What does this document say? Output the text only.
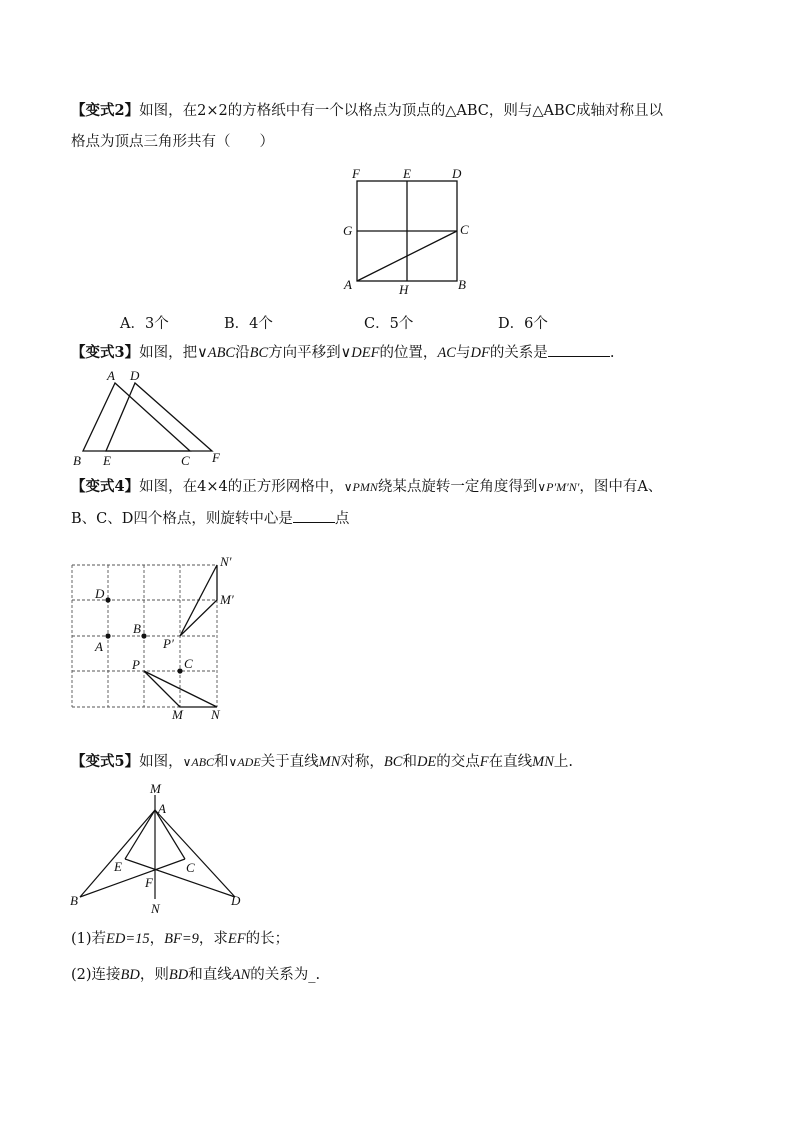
【变式2】如图，在2×2的方格纸中有一个以格点为顶点的△ABC，则与△ABC成轴对称且以
格点为顶点三角形共有（　　）
F	E	D
G	C
A	H	B
A．3个	B．4个	C．5个	D．6个
【变式3】如图，把∨ABC沿BC方向平移到∨DEF的位置，AC与DF的关系是	.
A D
B E	C F
【变式4】如图，在4×4的正方形网格中，∨PMN绕某点旋转一定角度得到∨P′M′N′，图中有A、
B、C、D四个格点，则旋转中心是	点
N′
M′
P′
D
B
A
P	C
M N
【变式5】如图，∨ABC和∨ADE关于直线MN对称，BC和DE的交点F在直线MN上.
M
A
E	C
F
B
N
D
(1)若ED=15，BF=9，求EF的长；
(2)连接BD，则BD和直线AN的关系为_.
